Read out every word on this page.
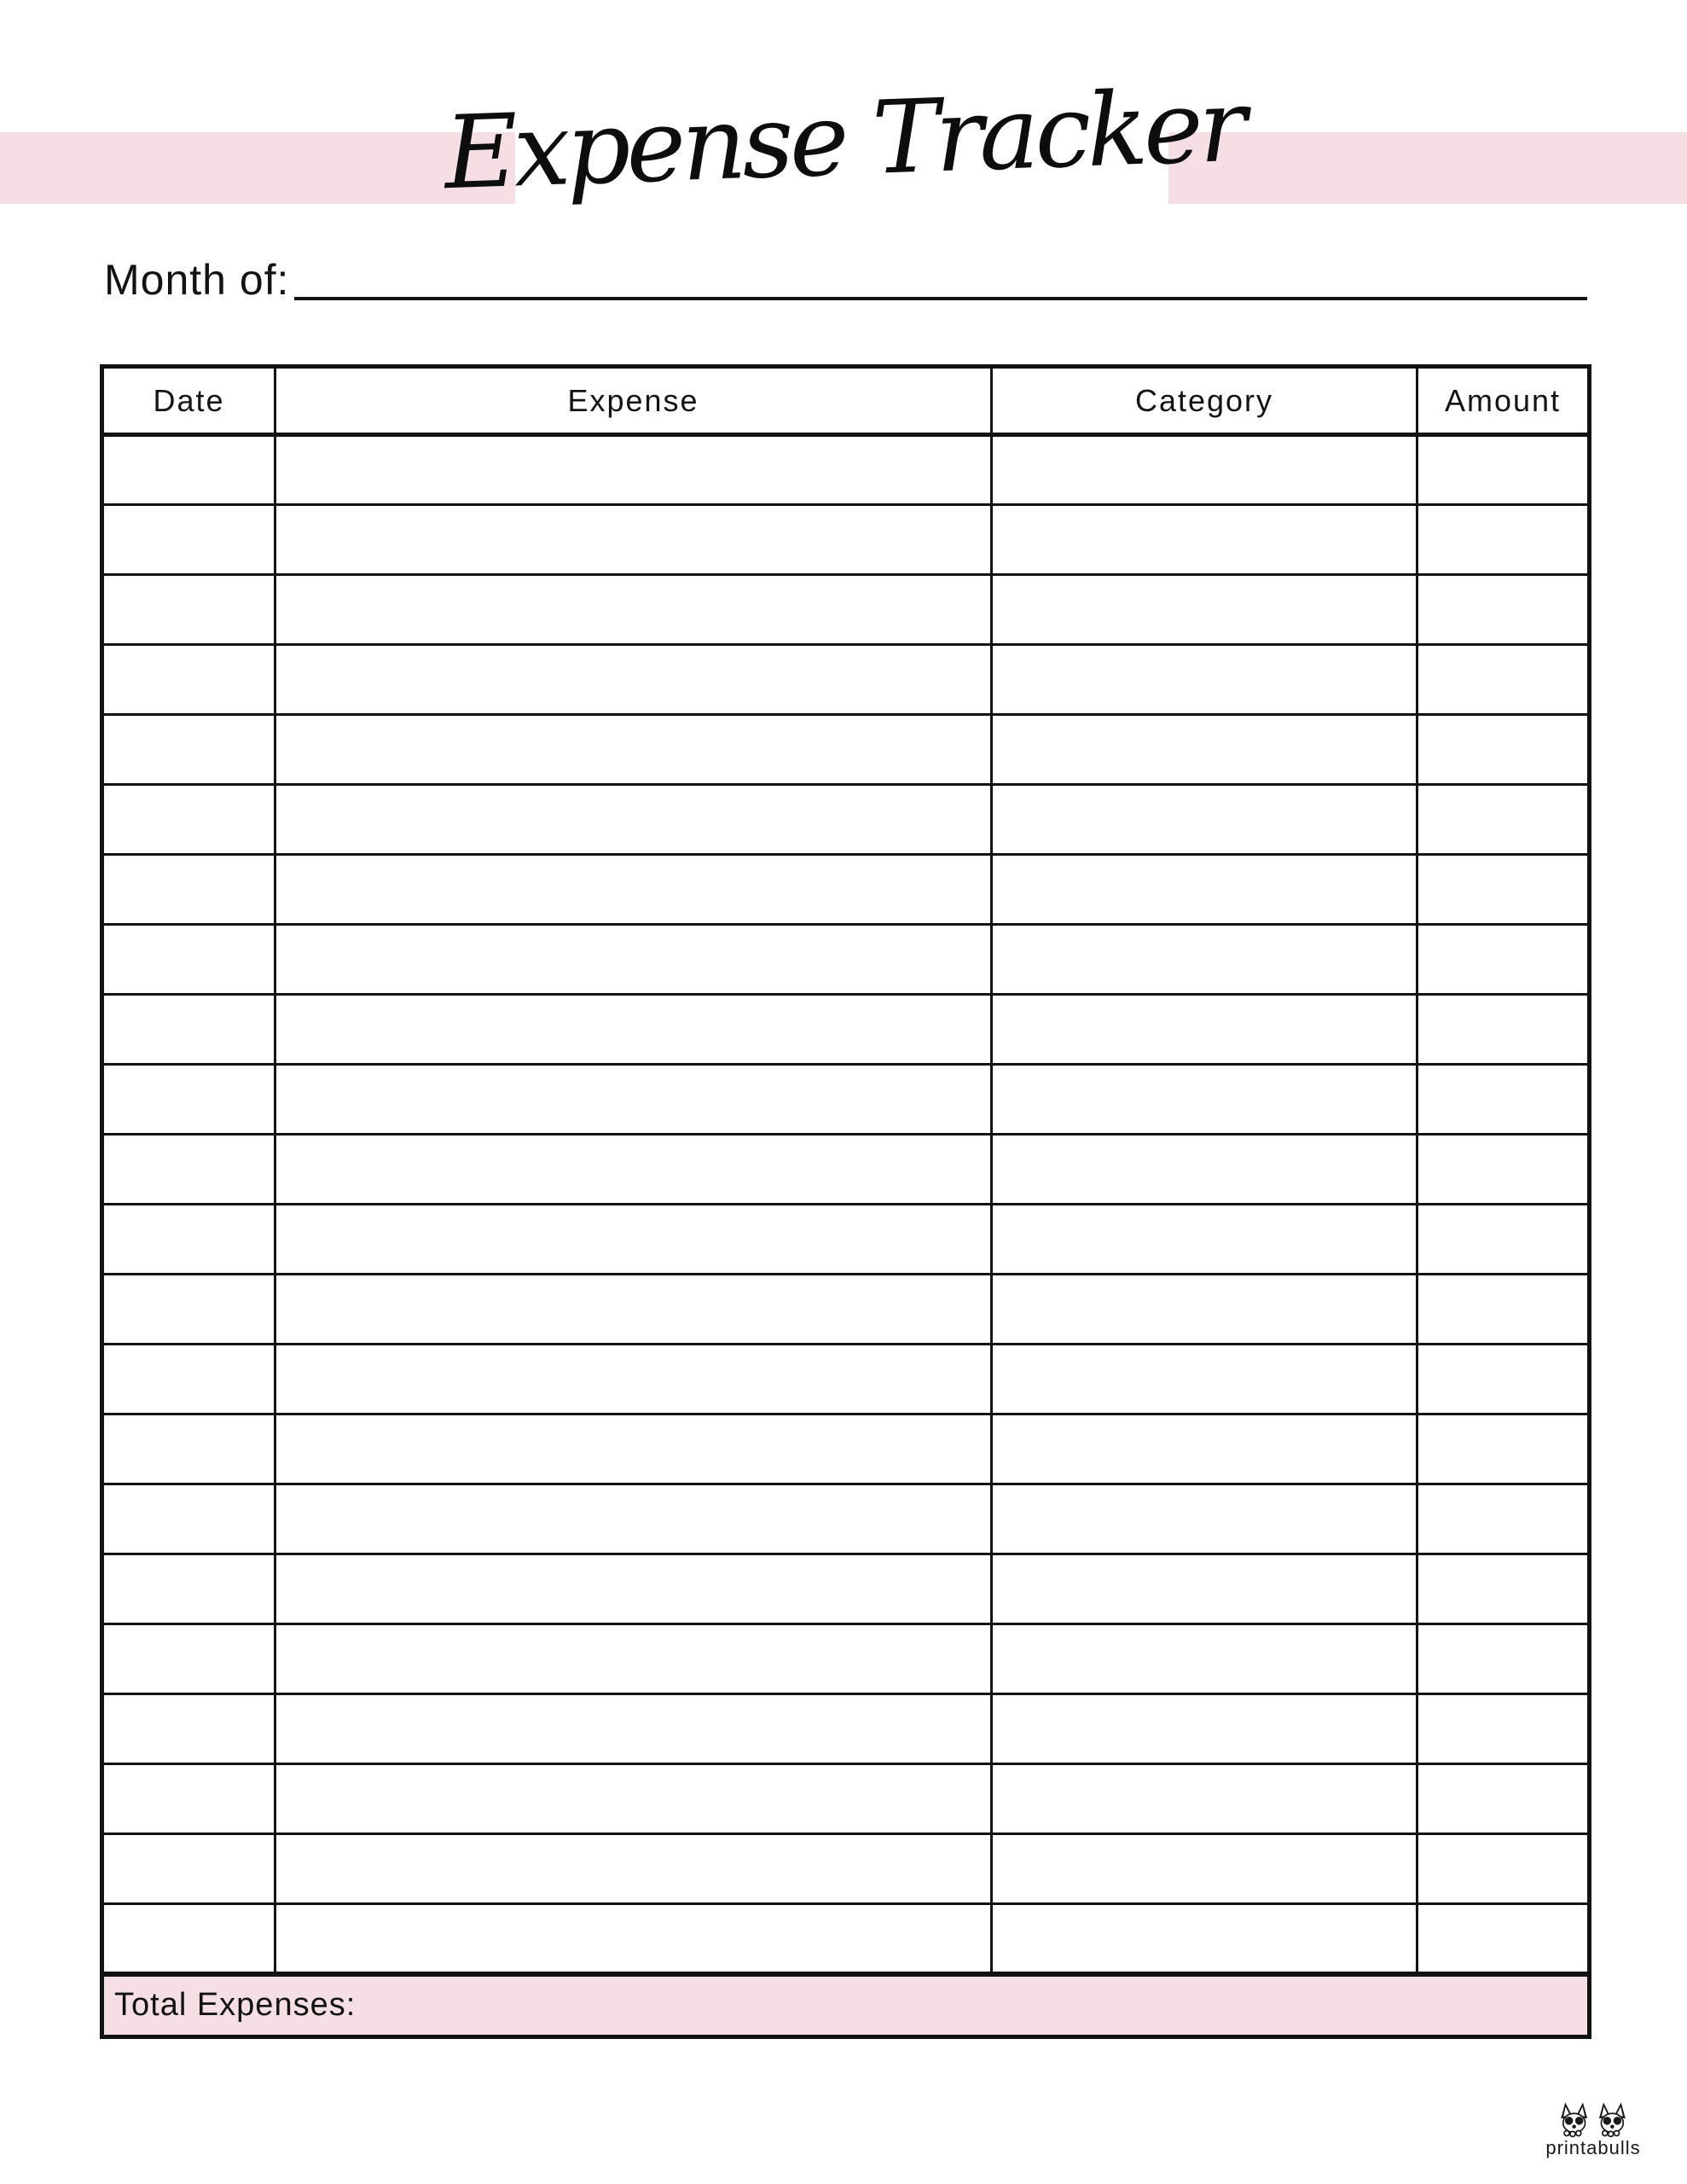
Expense Tracker
Month of:
Date	Expense	Category	Amount

Total Expenses:			
printabulls
